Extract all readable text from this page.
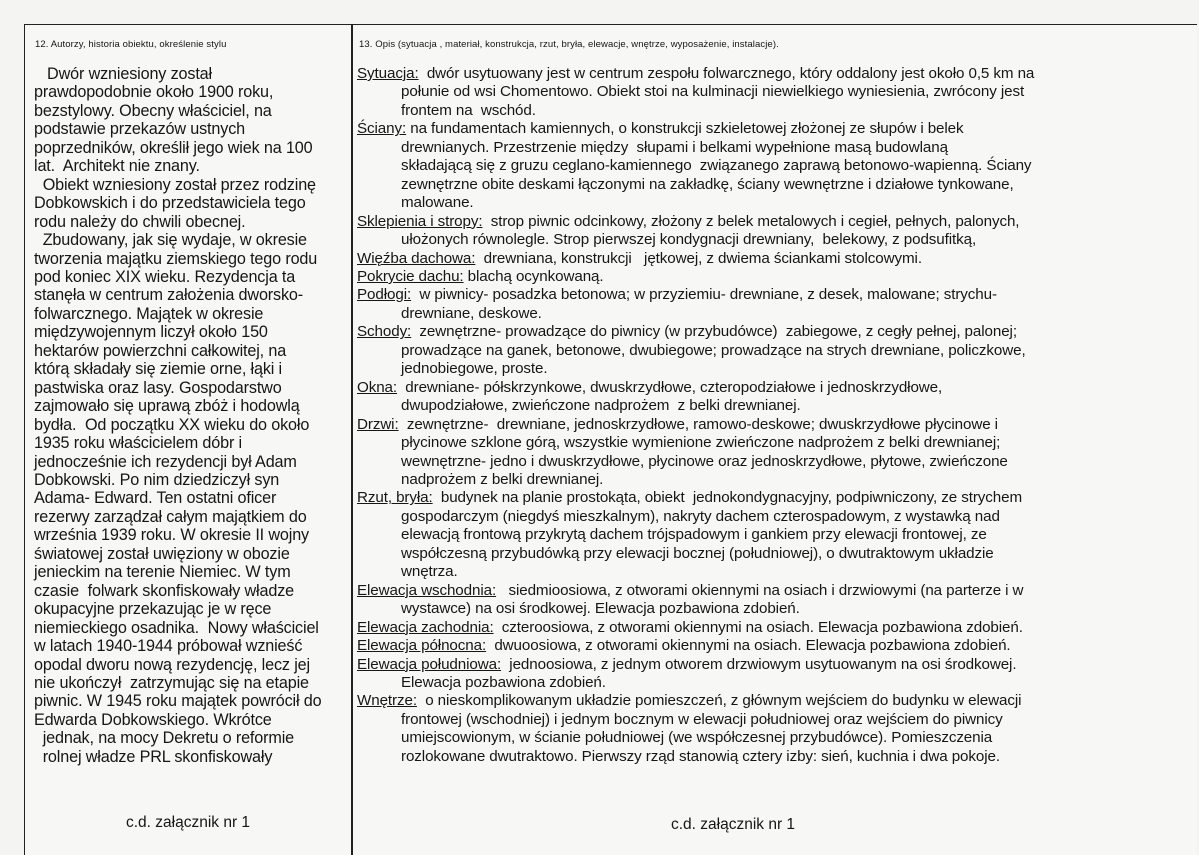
12. Autorzy, historia obiektu, określenie stylu
Dwór wzniesiony został
prawdopodobnie około 1900 roku,
bezstylowy. Obecny właściciel, na
podstawie przekazów ustnych
poprzedników, określił jego wiek na 100
lat.  Architekt nie znany.
Obiekt wzniesiony został przez rodzinę
Dobkowskich i do przedstawiciela tego
rodu należy do chwili obecnej.
Zbudowany, jak się wydaje, w okresie
tworzenia majątku ziemskiego tego rodu
pod koniec XIX wieku. Rezydencja ta
stanęła w centrum założenia dworsko-
folwarcznego. Majątek w okresie
międzywojennym liczył około 150
hektarów powierzchni całkowitej, na
którą składały się ziemie orne, łąki i
pastwiska oraz lasy. Gospodarstwo
zajmowało się uprawą zbóż i hodowlą
bydła.  Od początku XX wieku do około
1935 roku właścicielem dóbr i
jednocześnie ich rezydencji był Adam
Dobkowski. Po nim dziedziczył syn
Adama- Edward. Ten ostatni oficer
rezerwy zarządzał całym majątkiem do
września 1939 roku. W okresie II wojny
światowej został uwięziony w obozie
jenieckim na terenie Niemiec. W tym
czasie  folwark skonfiskowały władze
okupacyjne przekazując je w ręce
niemieckiego osadnika.  Nowy właściciel
w latach 1940-1944 próbował wznieść
opodal dworu nową rezydencję, lecz jej
nie ukończył  zatrzymując się na etapie
piwnic. W 1945 roku majątek powrócił do
Edwarda Dobkowskiego. Wkrótce
jednak, na mocy Dekretu o reformie
rolnej władze PRL skonfiskowały
c.d. załącznik nr 1
13. Opis (sytuacja , materiał, konstrukcja, rzut, bryła, elewacje, wnętrze, wyposażenie, instalacje).
Sytuacja:  dwór usytuowany jest w centrum zespołu folwarcznego, który oddalony jest około 0,5 km na
połunie od wsi Chomentowo. Obiekt stoi na kulminacji niewielkiego wyniesienia, zwrócony jest
frontem na  wschód.
Ściany: na fundamentach kamiennych, o konstrukcji szkieletowej złożonej ze słupów i belek
drewnianych. Przestrzenie między  słupami i belkami wypełnione masą budowlaną
składającą się z gruzu ceglano-kamiennego  związanego zaprawą betonowo-wapienną. Ściany
zewnętrzne obite deskami łączonymi na zakładkę, ściany wewnętrzne i działowe tynkowane,
malowane.
Sklepienia i stropy:  strop piwnic odcinkowy, złożony z belek metalowych i cegieł, pełnych, palonych,
ułożonych równolegle. Strop pierwszej kondygnacji drewniany,  belekowy, z podsufitką,
Więźba dachowa:  drewniana, konstrukcji   jętkowej, z dwiema ściankami stolcowymi.
Pokrycie dachu: blachą ocynkowaną.
Podłogi:  w piwnicy- posadzka betonowa; w przyziemiu- drewniane, z desek, malowane; strychu-
drewniane, deskowe.
Schody:  zewnętrzne- prowadzące do piwnicy (w przybudówce)  zabiegowe, z cegły pełnej, palonej;
prowadzące na ganek, betonowe, dwubiegowe; prowadzące na strych drewniane, policzkowe,
jednobiegowe, proste.
Okna:  drewniane- półskrzynkowe, dwuskrzydłowe, czteropodziałowe i jednoskrzydłowe,
dwupodziałowe, zwieńczone nadprożem  z belki drewnianej.
Drzwi:  zewnętrzne-  drewniane, jednoskrzydłowe, ramowo-deskowe; dwuskrzydłowe płycinowe i
płycinowe szklone górą, wszystkie wymienione zwieńczone nadprożem z belki drewnianej;
wewnętrzne- jedno i dwuskrzydłowe, płycinowe oraz jednoskrzydłowe, płytowe, zwieńczone
nadprożem z belki drewnianej.
Rzut, bryła:  budynek na planie prostokąta, obiekt  jednokondygnacyjny, podpiwniczony, ze strychem
gospodarczym (niegdyś mieszkalnym), nakryty dachem czterospadowym, z wystawką nad
elewacją frontową przykrytą dachem trójspadowym i gankiem przy elewacji frontowej, ze
współczesną przybudówką przy elewacji bocznej (południowej), o dwutraktowym układzie
wnętrza.
Elewacja wschodnia:   siedmioosiowa, z otworami okiennymi na osiach i drzwiowymi (na parterze i w
wystawce) na osi środkowej. Elewacja pozbawiona zdobień.
Elewacja zachodnia:  czteroosiowa, z otworami okiennymi na osiach. Elewacja pozbawiona zdobień.
Elewacja północna:  dwuoosiowa, z otworami okiennymi na osiach. Elewacja pozbawiona zdobień.
Elewacja południowa:  jednoosiowa, z jednym otworem drzwiowym usytuowanym na osi środkowej.
Elewacja pozbawiona zdobień.
Wnętrze:  o nieskomplikowanym układzie pomieszczeń, z głównym wejściem do budynku w elewacji
frontowej (wschodniej) i jednym bocznym w elewacji południowej oraz wejściem do piwnicy
umiejscowionym, w ścianie południowej (we współczesnej przybudówce). Pomieszczenia
rozlokowane dwutraktowo. Pierwszy rząd stanowią cztery izby: sień, kuchnia i dwa pokoje.
c.d. załącznik nr 1
